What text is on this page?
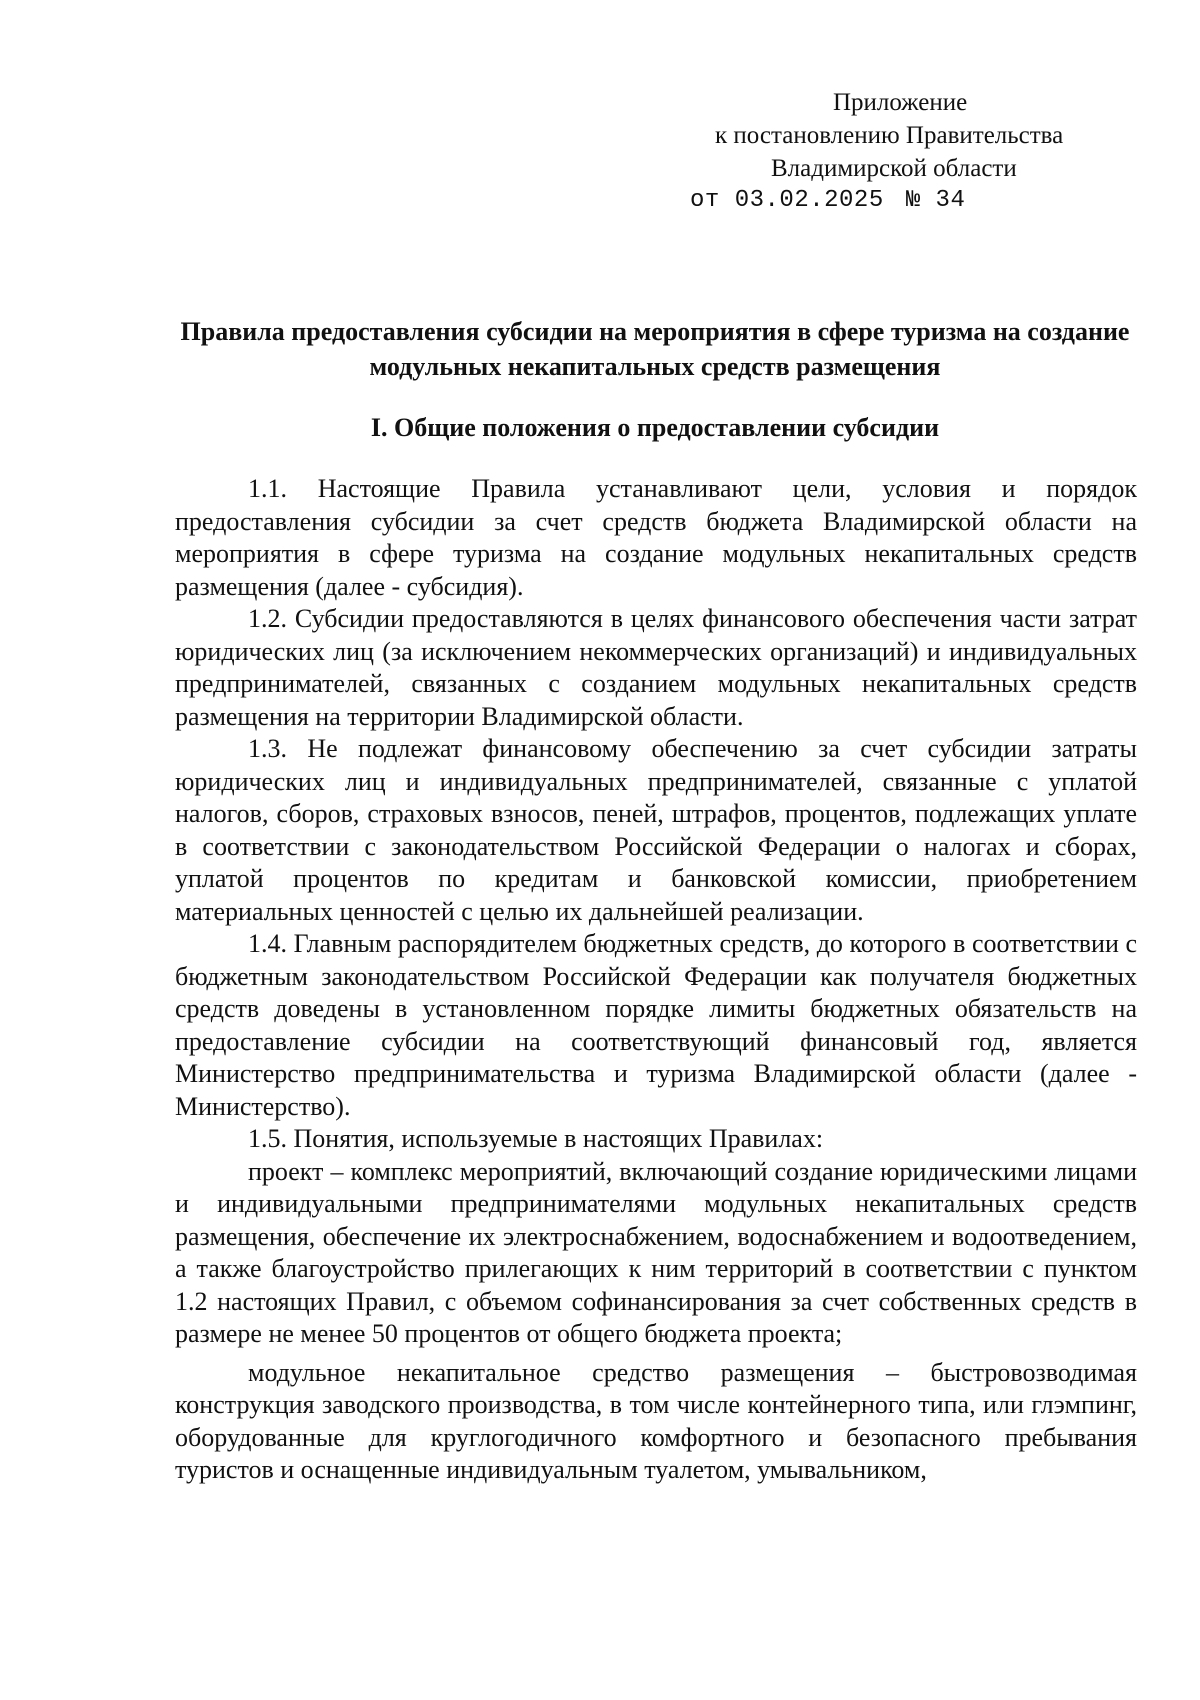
Приложение
к постановлению Правительства
Владимирской области
от 03.02.2025 № 34
Правила предоставления субсидии на мероприятия в сфере туризма на создание модульных некапитальных средств размещения
I. Общие положения о предоставлении субсидии

1.1. Настоящие Правила устанавливают цели, условия и порядок предоставления субсидии за счет средств бюджета Владимирской области на мероприятия в сфере туризма на создание модульных некапитальных средств размещения (далее - субсидия).

1.2. Субсидии предоставляются в целях финансового обеспечения части затрат юридических лиц (за исключением некоммерческих организаций) и индивидуальных предпринимателей, связанных с созданием модульных некапитальных средств размещения на территории Владимирской области.

1.3. Не подлежат финансовому обеспечению за счет субсидии затраты юридических лиц и индивидуальных предпринимателей, связанные с уплатой налогов, сборов, страховых взносов, пеней, штрафов, процентов, подлежащих уплате в соответствии с законодательством Российской Федерации о налогах и сборах, уплатой процентов по кредитам и банковской комиссии, приобретением материальных ценностей с целью их дальнейшей реализации.

1.4. Главным распорядителем бюджетных средств, до которого в соответствии с бюджетным законодательством Российской Федерации как получателя бюджетных средств доведены в установленном порядке лимиты бюджетных обязательств на предоставление субсидии на соответствующий финансовый год, является Министерство предпринимательства и туризма Владимирской области (далее - Министерство).

1.5. Понятия, используемые в настоящих Правилах:

проект – комплекс мероприятий, включающий создание юридическими лицами и индивидуальными предпринимателями модульных некапитальных средств размещения, обеспечение их электроснабжением, водоснабжением и водоотведением, а также благоустройство прилегающих к ним территорий в соответствии с пунктом 1.2 настоящих Правил, с объемом софинансирования за счет собственных средств в размере не менее 50 процентов от общего бюджета проекта;

модульное некапитальное средство размещения – быстровозводимая конструкция заводского производства, в том числе контейнерного типа, или глэмпинг, оборудованные для круглогодичного комфортного и безопасного пребывания туристов и оснащенные индивидуальным туалетом, умывальником,
